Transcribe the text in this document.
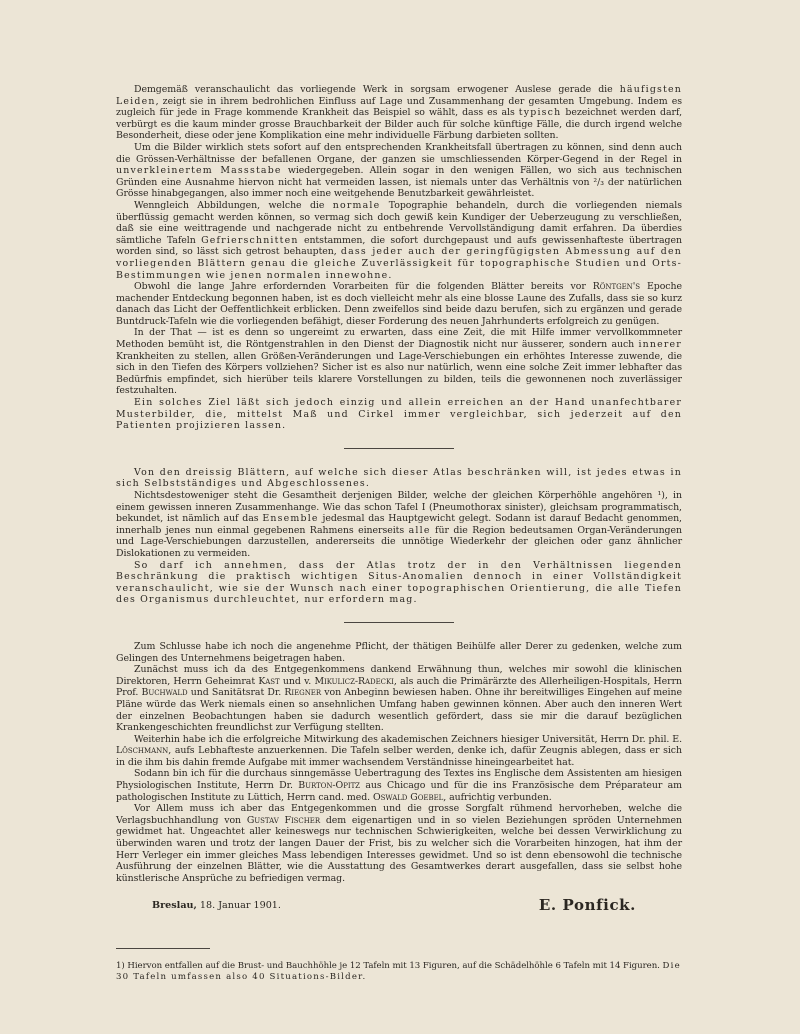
Demgemäß veranschaulicht das vorliegende Werk in sorgsam erwogener Auslese gerade die häufigsten Leiden, zeigt sie in ihrem bedrohlichen Einfluss auf Lage und Zusammenhang der gesamten Umgebung. Indem es zugleich für jede in Frage kommende Krankheit das Beispiel so wählt, dass es als typisch bezeichnet werden darf, verbürgt es die kaum minder grosse Brauchbarkeit der Bilder auch für solche künftige Fälle, die durch irgend welche Besonderheit, diese oder jene Komplikation eine mehr individuelle Färbung darbieten sollten.

Um die Bilder wirklich stets sofort auf den entsprechenden Krankheitsfall übertragen zu können, sind denn auch die Grössen-Verhältnisse der befallenen Organe, der ganzen sie umschliessenden Körper-Gegend in der Regel in unverkleinertem Massstabe wiedergegeben. Allein sogar in den wenigen Fällen, wo sich aus technischen Gründen eine Ausnahme hiervon nicht hat vermeiden lassen, ist niemals unter das Verhältnis von ²/₃ der natürlichen Grösse hinabgegangen, also immer noch eine weitgehende Benutzbarkeit gewährleistet.

Wenngleich Abbildungen, welche die normale Topographie behandeln, durch die vorliegenden niemals überflüssig gemacht werden können, so vermag sich doch gewiß kein Kundiger der Ueberzeugung zu verschließen, daß sie eine weittragende und nachgerade nicht zu entbehrende Vervollständigung damit erfahren. Da überdies sämtliche Tafeln Gefrierschnitten entstammen, die sofort durchgepaust und aufs gewissenhafteste übertragen worden sind, so lässt sich getrost behaupten, dass jeder auch der geringfügigsten Abmessung auf den vorliegenden Blättern genau die gleiche Zuverlässigkeit für topographische Studien und Orts-Bestimmungen wie jenen normalen innewohne.

Obwohl die lange Jahre erfordernden Vorarbeiten für die folgenden Blätter bereits vor Röntgen's Epoche machender Entdeckung begonnen haben, ist es doch vielleicht mehr als eine blosse Laune des Zufalls, dass sie so kurz danach das Licht der Oeffentlichkeit erblicken. Denn zweifellos sind beide dazu berufen, sich zu ergänzen und gerade Buntdruck-Tafeln wie die vorliegenden befähigt, dieser Forderung des neuen Jahrhunderts erfolgreich zu genügen.

In der That — ist es denn so ungereimt zu erwarten, dass eine Zeit, die mit Hilfe immer vervollkommneter Methoden bemüht ist, die Röntgenstrahlen in den Dienst der Diagnostik nicht nur äusserer, sondern auch innerer Krankheiten zu stellen, allen Größen-Veränderungen und Lage-Verschiebungen ein erhöhtes Interesse zuwende, die sich in den Tiefen des Körpers vollziehen? Sicher ist es also nur natürlich, wenn eine solche Zeit immer lebhafter das Bedürfnis empfindet, sich hierüber teils klarere Vorstellungen zu bilden, teils die gewonnenen noch zuverlässiger festzuhalten.

Ein solches Ziel läßt sich jedoch einzig und allein erreichen an der Hand unanfechtbarer Musterbilder, die, mittelst Maß und Cirkel immer vergleichbar, sich jederzeit auf den Patienten projizieren lassen.

Von den dreissig Blättern, auf welche sich dieser Atlas beschränken will, ist jedes etwas in sich Selbstständiges und Abgeschlossenes.

Nichtsdestoweniger steht die Gesamtheit derjenigen Bilder, welche der gleichen Körperhöhle angehören ¹), in einem gewissen inneren Zusammenhange. Wie das schon Tafel I (Pneumothorax sinister), gleichsam programmatisch, bekundet, ist nämlich auf das Ensemble jedesmal das Hauptgewicht gelegt. Sodann ist darauf Bedacht genommen, innerhalb jenes nun einmal gegebenen Rahmens einerseits alle für die Region bedeutsamen Organ-Veränderungen und Lage-Verschiebungen darzustellen, andererseits die unnötige Wiederkehr der gleichen oder ganz ähnlicher Dislokationen zu vermeiden.

So darf ich annehmen, dass der Atlas trotz der in den Verhältnissen liegenden Beschränkung die praktisch wichtigen Situs-Anomalien dennoch in einer Vollständigkeit veranschaulicht, wie sie der Wunsch nach einer topographischen Orientierung, die alle Tiefen des Organismus durchleuchtet, nur erfordern mag.

Zum Schlusse habe ich noch die angenehme Pflicht, der thätigen Beihülfe aller Derer zu gedenken, welche zum Gelingen des Unternehmens beigetragen haben.

Zunächst muss ich da des Entgegenkommens dankend Erwähnung thun, welches mir sowohl die klinischen Direktoren, Herrn Geheimrat Kast und v. Mikulicz-Radecki, als auch die Primärärzte des Allerheiligen-Hospitals, Herrn Prof. Buchwald und Sanitätsrat Dr. Riegner von Anbeginn bewiesen haben. Ohne ihr bereitwilliges Eingehen auf meine Pläne würde das Werk niemals einen so ansehnlichen Umfang haben gewinnen können. Aber auch den inneren Wert der einzelnen Beobachtungen haben sie dadurch wesentlich gefördert, dass sie mir die darauf bezüglichen Krankengeschichten freundlichst zur Verfügung stellten.

Weiterhin habe ich die erfolgreiche Mitwirkung des akademischen Zeichners hiesiger Universität, Herrn Dr. phil. E. Löschmann, aufs Lebhafteste anzuerkennen. Die Tafeln selber werden, denke ich, dafür Zeugnis ablegen, dass er sich in die ihm bis dahin fremde Aufgabe mit immer wachsendem Verständnisse hineingearbeitet hat.

Sodann bin ich für die durchaus sinngemässe Uebertragung des Textes ins Englische dem Assistenten am hiesigen Physiologischen Institute, Herrn Dr. Burton-Opitz aus Chicago und für die ins Französische dem Préparateur am pathologischen Institute zu Lüttich, Herrn cand. med. Oswald Goebel, aufrichtig verbunden.

Vor Allem muss ich aber das Entgegenkommen und die grosse Sorgfalt rühmend hervorheben, welche die Verlagsbuchhandlung von Gustav Fischer dem eigenartigen und in so vielen Beziehungen spröden Unternehmen gewidmet hat. Ungeachtet aller keineswegs nur technischen Schwierigkeiten, welche bei dessen Verwirklichung zu überwinden waren und trotz der langen Dauer der Frist, bis zu welcher sich die Vorarbeiten hinzogen, hat ihm der Herr Verleger ein immer gleiches Mass lebendigen Interesses gewidmet. Und so ist denn ebensowohl die technische Ausführung der einzelnen Blätter, wie die Ausstattung des Gesamtwerkes derart ausgefallen, dass sie selbst hohe künstlerische Ansprüche zu befriedigen vermag.

Breslau, 18. Januar 1901.	E. Ponfick.

1) Hiervon entfallen auf die Brust- und Bauchhöhle je 12 Tafeln mit 13 Figuren, auf die Schädelhöhle 6 Tafeln mit 14 Figuren. Die 30 Tafeln umfassen also 40 Situations-Bilder.
